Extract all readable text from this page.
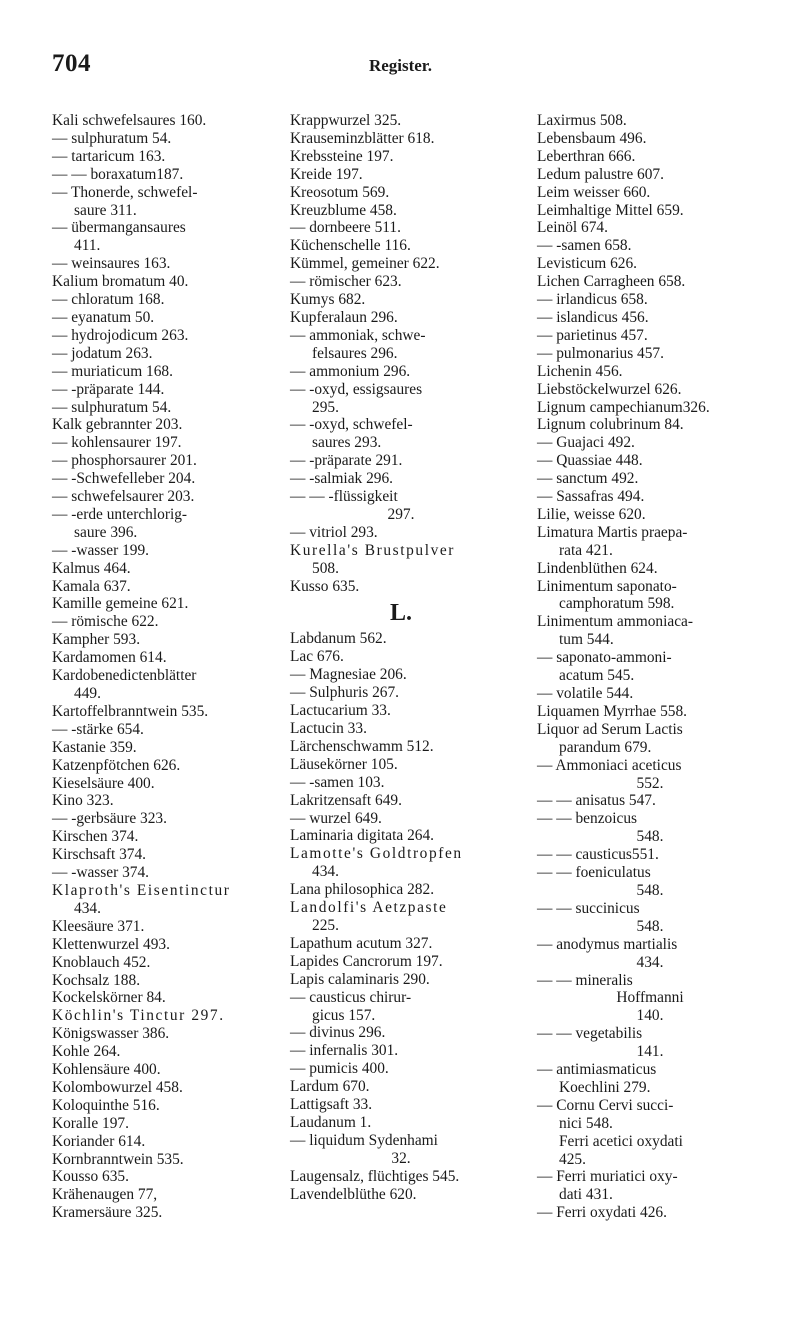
704	Register.
Kali schwefelsaures 160.
— sulphuratum 54.
— tartaricum 163.
— — boraxatum187.
— Thonerde, schwefel-
saure 311.
— übermangansaures
411.
— weinsaures 163.
Kalium bromatum 40.
— chloratum 168.
— eyanatum 50.
— hydrojodicum 263.
— jodatum 263.
— muriaticum 168.
— -präparate 144.
— sulphuratum 54.
Kalk gebrannter 203.
— kohlensaurer 197.
— phosphorsaurer 201.
— -Schwefelleber 204.
— schwefelsaurer 203.
— -erde unterchlorig-
saure 396.
— -wasser 199.
Kalmus 464.
Kamala 637.
Kamille gemeine 621.
— römische 622.
Kampher 593.
Kardamomen 614.
Kardobenedictenblätter
449.
Kartoffelbranntwein 535.
— -stärke 654.
Kastanie 359.
Katzenpfötchen 626.
Kieselsäure 400.
Kino 323.
— -gerbsäure 323.
Kirschen 374.
Kirschsaft 374.
— -wasser 374.
Klaproth's Eisentinctur
434.
Kleesäure 371.
Klettenwurzel 493.
Knoblauch 452.
Kochsalz 188.
Kockelskörner 84.
Köchlin's Tinctur 297.
Königswasser 386.
Kohle 264.
Kohlensäure 400.
Kolombowurzel 458.
Koloquinthe 516.
Koralle 197.
Koriander 614.
Kornbranntwein 535.
Kousso 635.
Krähenaugen 77,
Kramersäure 325.
Krappwurzel 325.
Krauseminzblätter 618.
Krebssteine 197.
Kreide 197.
Kreosotum 569.
Kreuzblume 458.
— dornbeere 511.
Küchenschelle 116.
Kümmel, gemeiner 622.
— römischer 623.
Kumys 682.
Kupferalaun 296.
— ammoniak, schwe-
felsaures 296.
— ammonium 296.
— -oxyd, essigsaures
295.
— -oxyd, schwefel-
saures 293.
— -präparate 291.
— -salmiak 296.
— — -flüssigkeit
297.
— vitriol 293.
Kurella's Brustpulver
508.
Kusso 635.
L.
Labdanum 562.
Lac 676.
— Magnesiae 206.
— Sulphuris 267.
Lactucarium 33.
Lactucin 33.
Lärchenschwamm 512.
Läusekörner 105.
— -samen 103.
Lakritzensaft 649.
— wurzel 649.
Laminaria digitata 264.
Lamotte's Goldtropfen
434.
Lana philosophica 282.
Landolfi's Aetzpaste
225.
Lapathum acutum 327.
Lapides Cancrorum 197.
Lapis calaminaris 290.
— causticus chirur-
gicus 157.
— divinus 296.
— infernalis 301.
— pumicis 400.
Lardum 670.
Lattigsaft 33.
Laudanum 1.
— liquidum Sydenhami
32.
Laugensalz, flüchtiges 545.
Lavendelblüthe 620.
Laxirmus 508.
Lebensbaum 496.
Leberthran 666.
Ledum palustre 607.
Leim weisser 660.
Leimhaltige Mittel 659.
Leinöl 674.
— -samen 658.
Levisticum 626.
Lichen Carragheen 658.
— irlandicus 658.
— islandicus 456.
— parietinus 457.
— pulmonarius 457.
Lichenin 456.
Liebstöckelwurzel 626.
Lignum campechianum326.
Lignum colubrinum 84.
— Guajaci 492.
— Quassiae 448.
— sanctum 492.
— Sassafras 494.
Lilie, weisse 620.
Limatura Martis praepa-
rata 421.
Lindenblüthen 624.
Linimentum saponato-
camphoratum 598.
Linimentum ammoniaca-
tum 544.
— saponato-ammoni-
acatum 545.
— volatile 544.
Liquamen Myrrhae 558.
Liquor ad Serum Lactis
parandum 679.
— Ammoniaci aceticus
552.
— — anisatus 547.
— — benzoicus
548.
— — causticus551.
— — foeniculatus
548.
— — succinicus
548.
— anodymus martialis
434.
— — mineralis
Hoffmanni
140.
— — vegetabilis
141.
— antimiasmaticus
Koechlini 279.
— Cornu Cervi succi-
nici 548.
Ferri acetici oxydati
425.
— Ferri muriatici oxy-
dati 431.
— Ferri oxydati 426.
